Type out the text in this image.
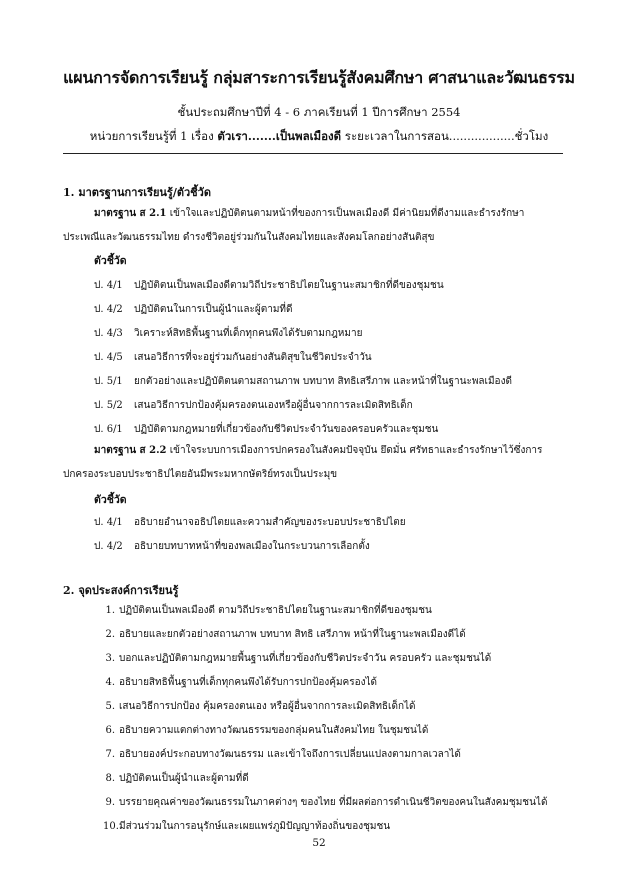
แผนการจัดการเรียนรู้ กลุ่มสาระการเรียนรู้สังคมศึกษา ศาสนาและวัฒนธรรม
ชั้นประถมศึกษาปีที่ 4 - 6 ภาคเรียนที่ 1 ปีการศึกษา 2554
หน่วยการเรียนรู้ที่ 1 เรื่อง ตัวเรา.......เป็นพลเมืองดี ระยะเวลาในการสอน..................ชั่วโมง
1. มาตรฐานการเรียนรู้/ตัวชี้วัด
มาตรฐาน ส 2.1 เข้าใจและปฏิบัติตนตามหน้าที่ของการเป็นพลเมืองดี มีค่านิยมที่ดีงามและธำรงรักษา
ประเพณีและวัฒนธรรมไทย ดำรงชีวิตอยู่ร่วมกันในสังคมไทยและสังคมโลกอย่างสันติสุข
ตัวชี้วัด
ป. 4/1 ปฏิบัติตนเป็นพลเมืองดีตามวิถีประชาธิปไตยในฐานะสมาชิกที่ดีของชุมชน
ป. 4/2 ปฏิบัติตนในการเป็นผู้นำและผู้ตามที่ดี
ป. 4/3 วิเคราะห์สิทธิพื้นฐานที่เด็กทุกคนพึงได้รับตามกฎหมาย
ป. 4/5 เสนอวิธีการที่จะอยู่ร่วมกันอย่างสันติสุขในชีวิตประจำวัน
ป. 5/1 ยกตัวอย่างและปฏิบัติตนตามสถานภาพ บทบาท สิทธิเสรีภาพ และหน้าที่ในฐานะพลเมืองดี
ป. 5/2 เสนอวิธีการปกป้องคุ้มครองตนเองหรือผู้อื่นจากการละเมิดสิทธิเด็ก
ป. 6/1 ปฏิบัติตามกฎหมายที่เกี่ยวข้องกับชีวิตประจำวันของครอบครัวและชุมชน
มาตรฐาน ส 2.2 เข้าใจระบบการเมืองการปกครองในสังคมปัจจุบัน ยึดมั่น ศรัทธาและธำรงรักษาไว้ซึ่งการ
ปกครองระบอบประชาธิปไตยอันมีพระมหากษัตริย์ทรงเป็นประมุข
ตัวชี้วัด
ป. 4/1 อธิบายอำนาจอธิปไตยและความสำคัญของระบอบประชาธิปไตย
ป. 4/2 อธิบายบทบาทหน้าที่ของพลเมืองในกระบวนการเลือกตั้ง
2. จุดประสงค์การเรียนรู้
1. ปฏิบัติตนเป็นพลเมืองดี ตามวิถีประชาธิปไตยในฐานะสมาชิกที่ดีของชุมชน
2. อธิบายและยกตัวอย่างสถานภาพ บทบาท สิทธิ เสรีภาพ หน้าที่ในฐานะพลเมืองดีได้
3. บอกและปฏิบัติตามกฎหมายพื้นฐานที่เกี่ยวข้องกับชีวิตประจำวัน ครอบครัว และชุมชนได้
4. อธิบายสิทธิพื้นฐานที่เด็กทุกคนพึงได้รับการปกป้องคุ้มครองได้
5. เสนอวิธีการปกป้อง คุ้มครองตนเอง หรือผู้อื่นจากการละเมิดสิทธิเด็กได้
6. อธิบายความแตกต่างทางวัฒนธรรมของกลุ่มคนในสังคมไทย ในชุมชนได้
7. อธิบายองค์ประกอบทางวัฒนธรรม และเข้าใจถึงการเปลี่ยนแปลงตามกาลเวลาได้
8. ปฏิบัติตนเป็นผู้นำและผู้ตามที่ดี
9. บรรยายคุณค่าของวัฒนธรรมในภาคต่างๆ ของไทย ที่มีผลต่อการดำเนินชีวิตของคนในสังคมชุมชนได้
10.มีส่วนร่วมในการอนุรักษ์และเผยแพร่ภูมิปัญญาท้องถิ่นของชุมชน
52
